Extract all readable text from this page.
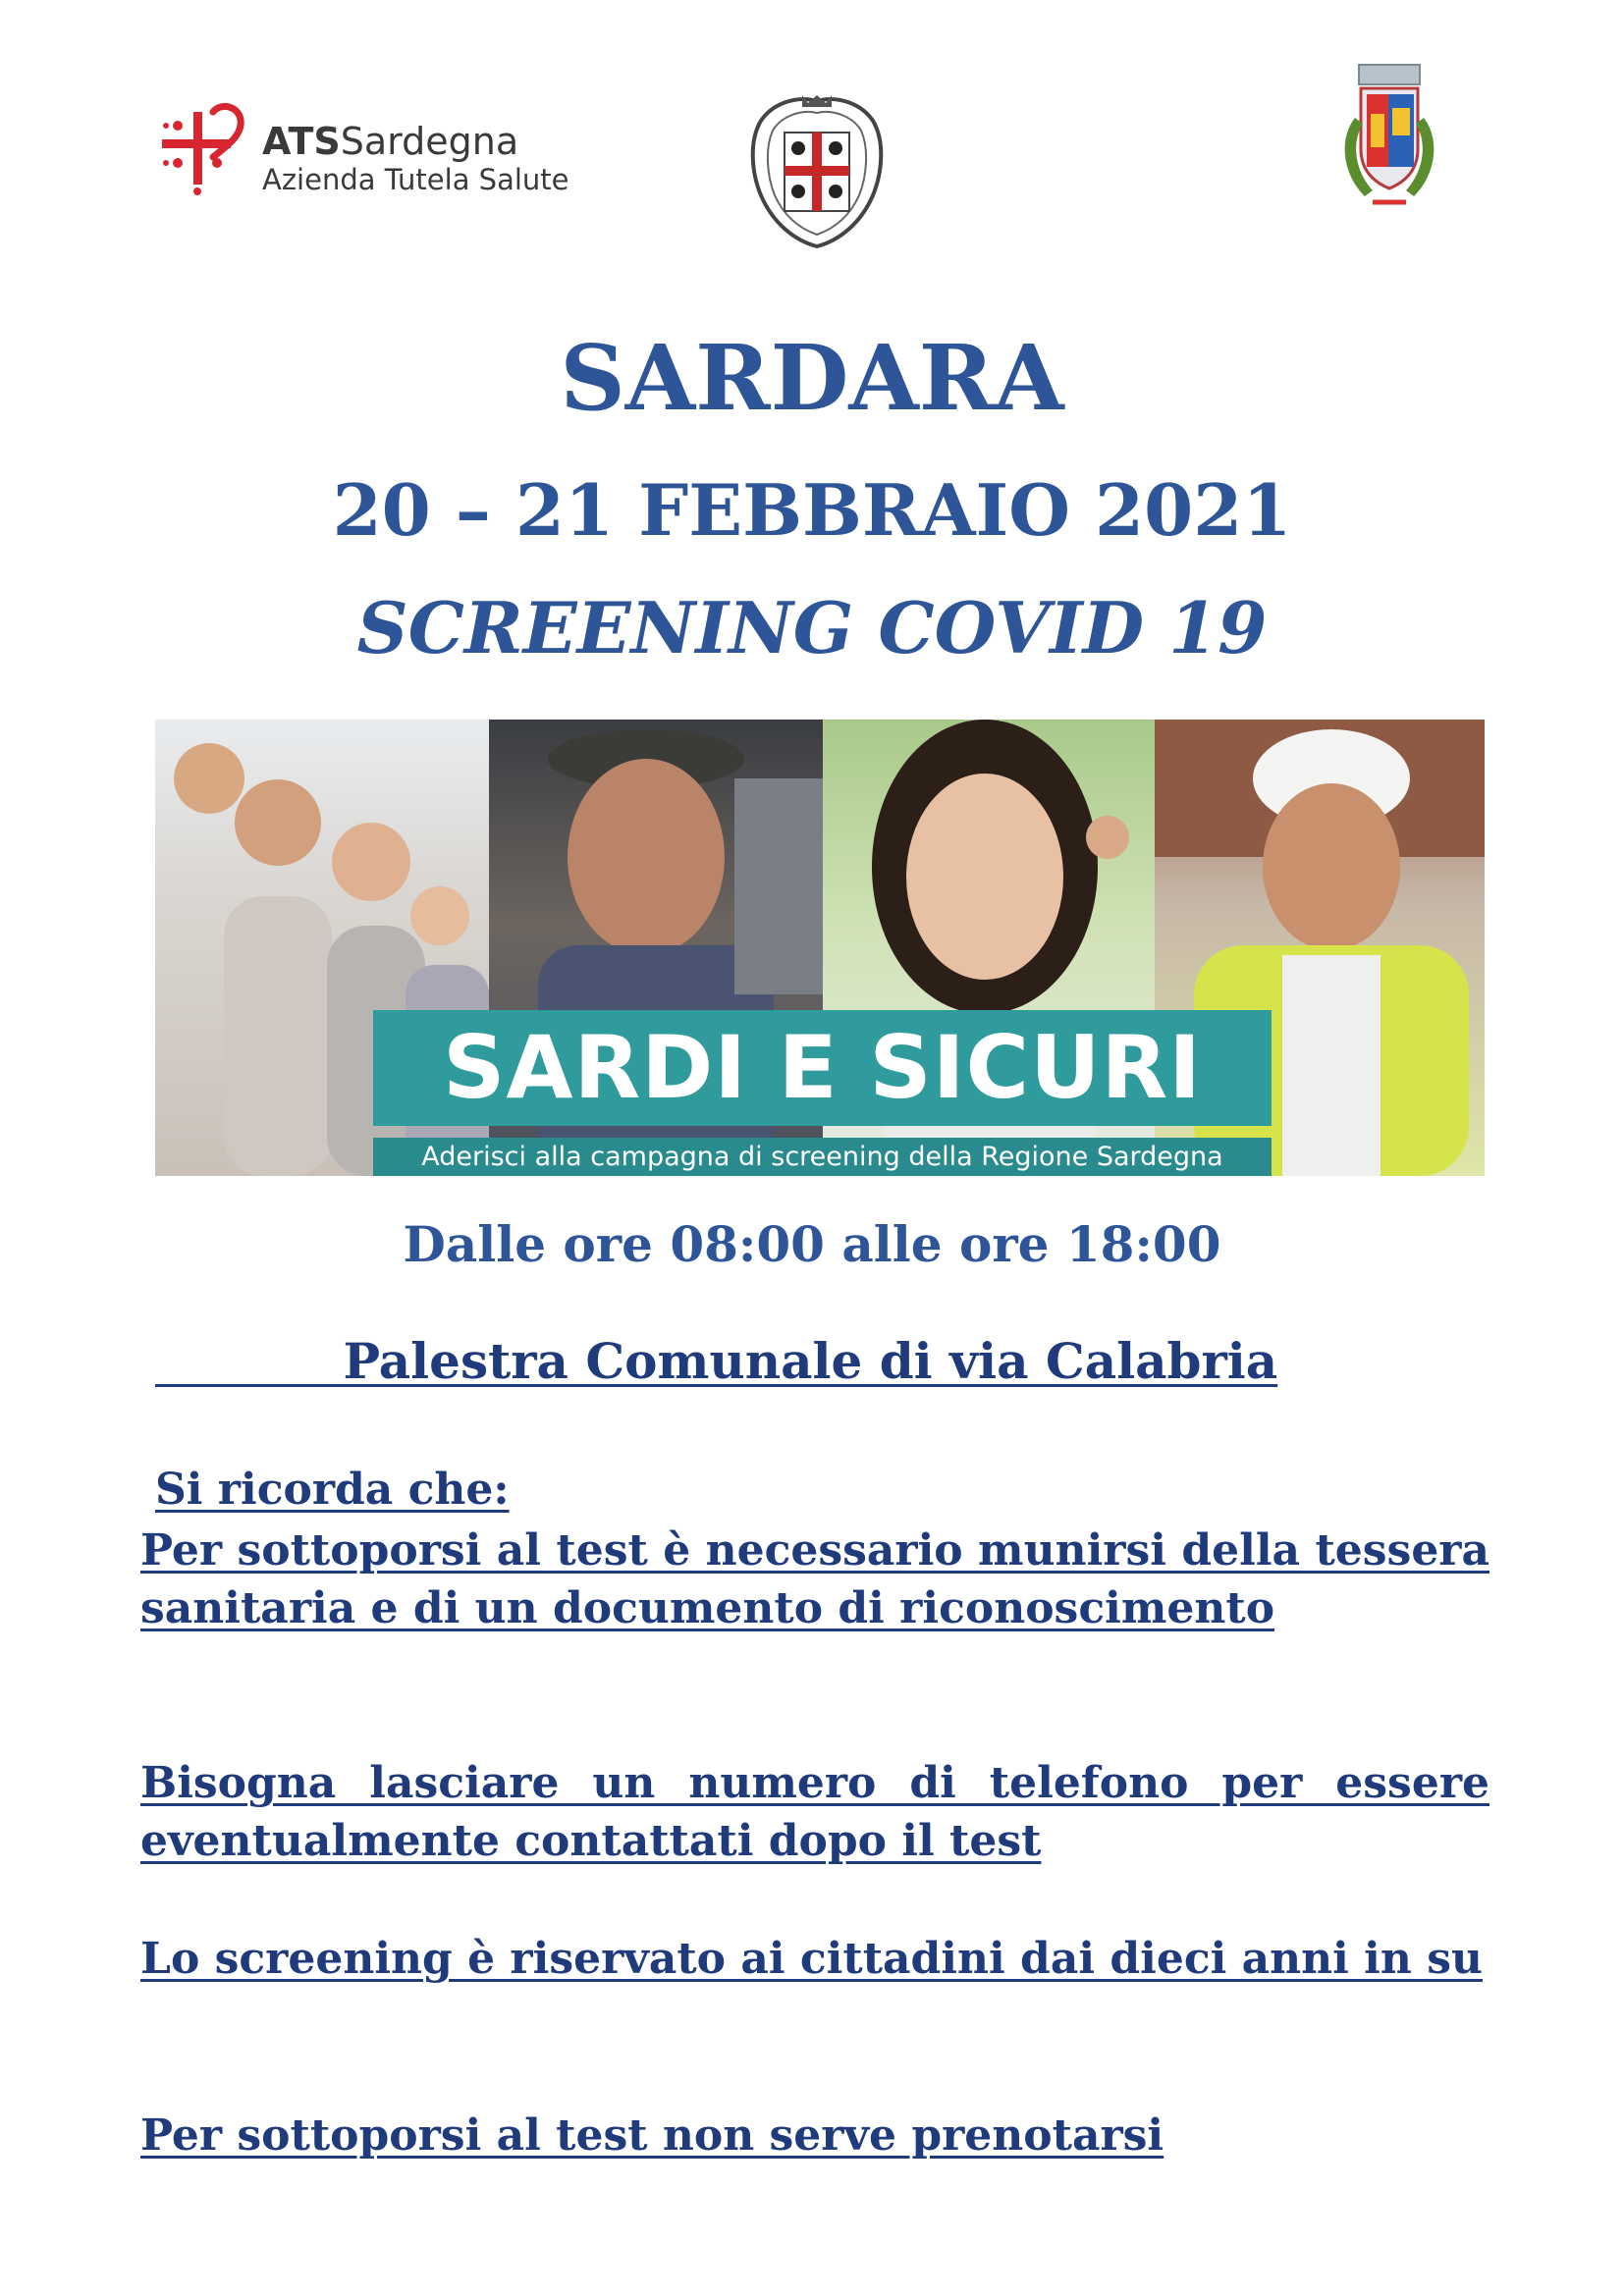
ATSSardegna
Azienda Tutela Salute
SARDARA
20 – 21 FEBBRAIO 2021
SCREENING COVID 19
SARDI E SICURI
Aderisci alla campagna di screening della Regione Sardegna
Dalle ore 08:00 alle ore 18:00
Palestra Comunale di via Calabria
Si ricorda che:
Per sottoporsi al test è necessario munirsi della tessera sanitaria e di un documento di riconoscimento
Bisogna lasciare un numero di telefono per essere eventualmente contattati dopo il test
Lo screening è riservato ai cittadini dai dieci anni in su
Per sottoporsi al test non serve prenotarsi
